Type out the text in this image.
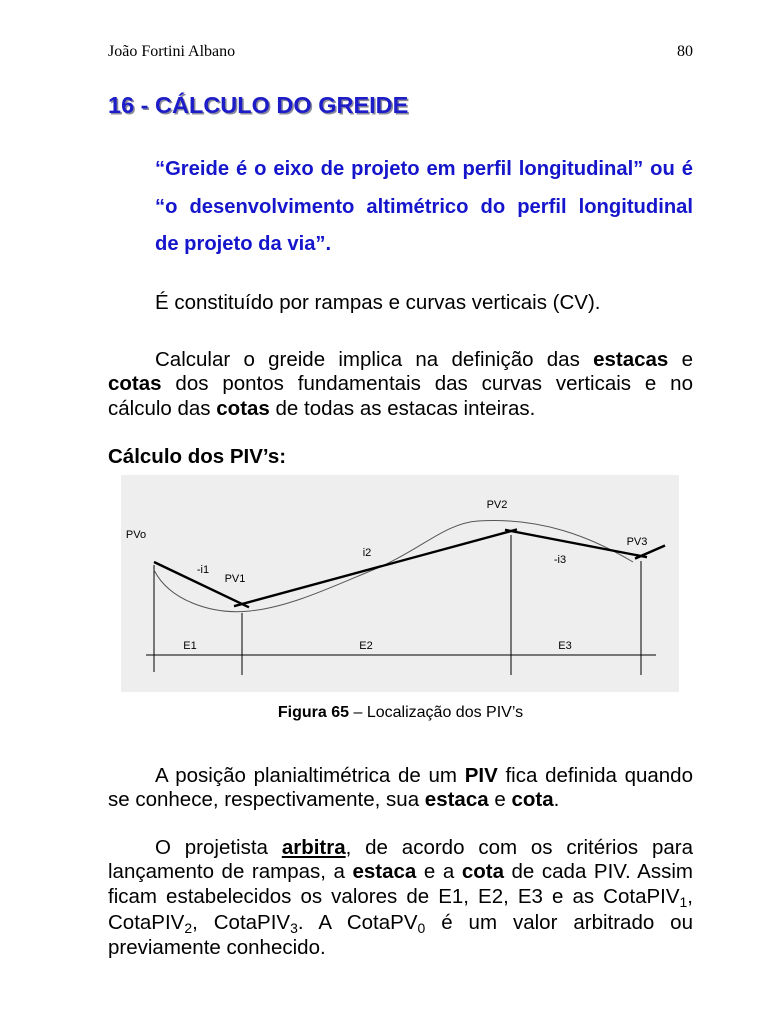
João Fortini Albano	80
16 - CÁLCULO DO GREIDE
“Greide é o eixo de projeto em perfil longitudinal” ou é
“o desenvolvimento altimétrico do perfil longitudinal
de projeto da via”.
É constituído por rampas e curvas verticais (CV).
Calcular o greide implica na definição das estacas e
cotas dos pontos fundamentais das curvas verticais e no
cálculo das cotas de todas as estacas inteiras.
Cálculo dos PIV’s:
PVo
-i1
PV1
i2
PV2
-i3
PV3
E1	E2	E3
Figura 65 – Localização dos PIV’s
A posição planialtimétrica de um PIV fica definida quando
se conhece, respectivamente, sua estaca e cota.
O projetista arbitra, de acordo com os critérios para
lançamento de rampas, a estaca e a cota de cada PIV. Assim
ficam estabelecidos os valores de E1, E2, E3 e as CotaPIV$_1$,
CotaPIV$_2$, CotaPIV$_3$. A CotaPV$_0$ é um valor arbitrado ou
previamente conhecido.
